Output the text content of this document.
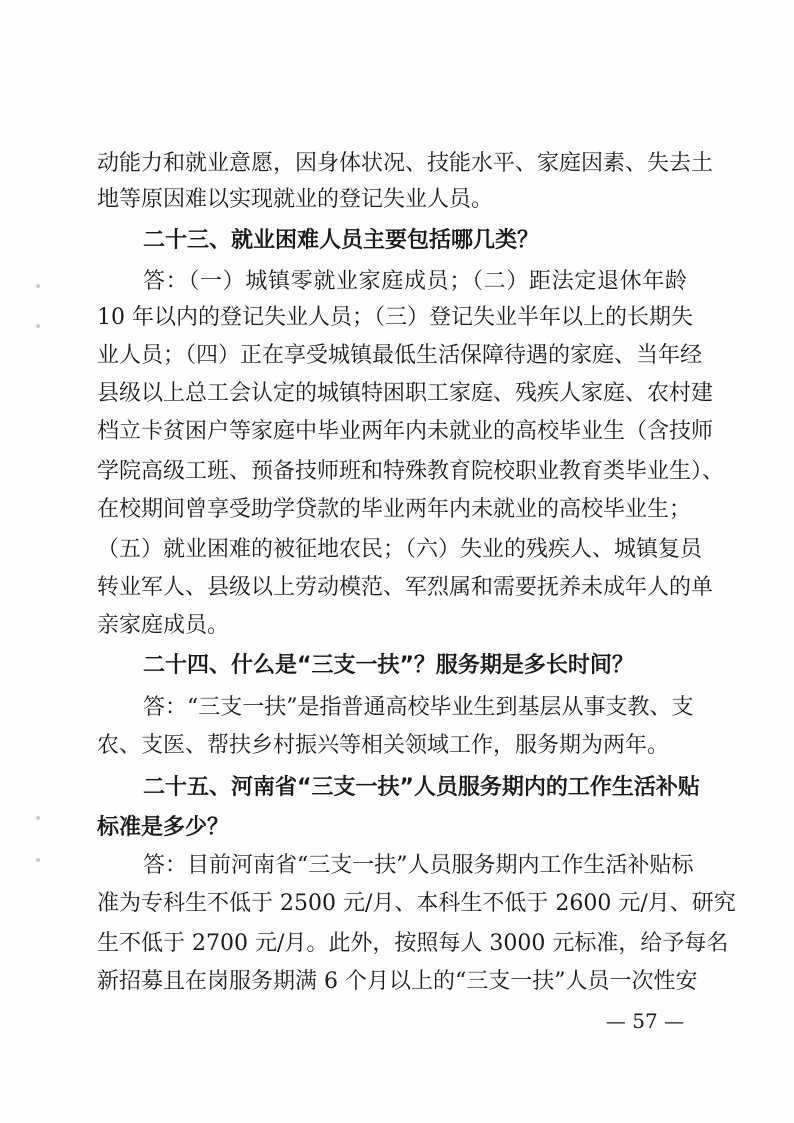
动能力和就业意愿，因身体状况、技能水平、家庭因素、失去土
地等原因难以实现就业的登记失业人员。
二十三、就业困难人员主要包括哪几类？
答：（一）城镇零就业家庭成员；（二）距法定退休年龄
10 年以内的登记失业人员；（三）登记失业半年以上的长期失
业人员；（四）正在享受城镇最低生活保障待遇的家庭、当年经
县级以上总工会认定的城镇特困职工家庭、残疾人家庭、农村建
档立卡贫困户等家庭中毕业两年内未就业的高校毕业生（含技师
学院高级工班、预备技师班和特殊教育院校职业教育类毕业生）、
在校期间曾享受助学贷款的毕业两年内未就业的高校毕业生；
（五）就业困难的被征地农民；（六）失业的残疾人、城镇复员
转业军人、县级以上劳动模范、军烈属和需要抚养未成年人的单
亲家庭成员。
二十四、什么是“三支一扶”？服务期是多长时间？
答：“三支一扶”是指普通高校毕业生到基层从事支教、支
农、支医、帮扶乡村振兴等相关领域工作，服务期为两年。
二十五、河南省“三支一扶”人员服务期内的工作生活补贴
标准是多少？
答：目前河南省“三支一扶”人员服务期内工作生活补贴标
准为专科生不低于 2500 元/月、本科生不低于 2600 元/月、研究
生不低于 2700 元/月。此外，按照每人 3000 元标准，给予每名
新招募且在岗服务期满 6 个月以上的“三支一扶”人员一次性安
— 57 —
